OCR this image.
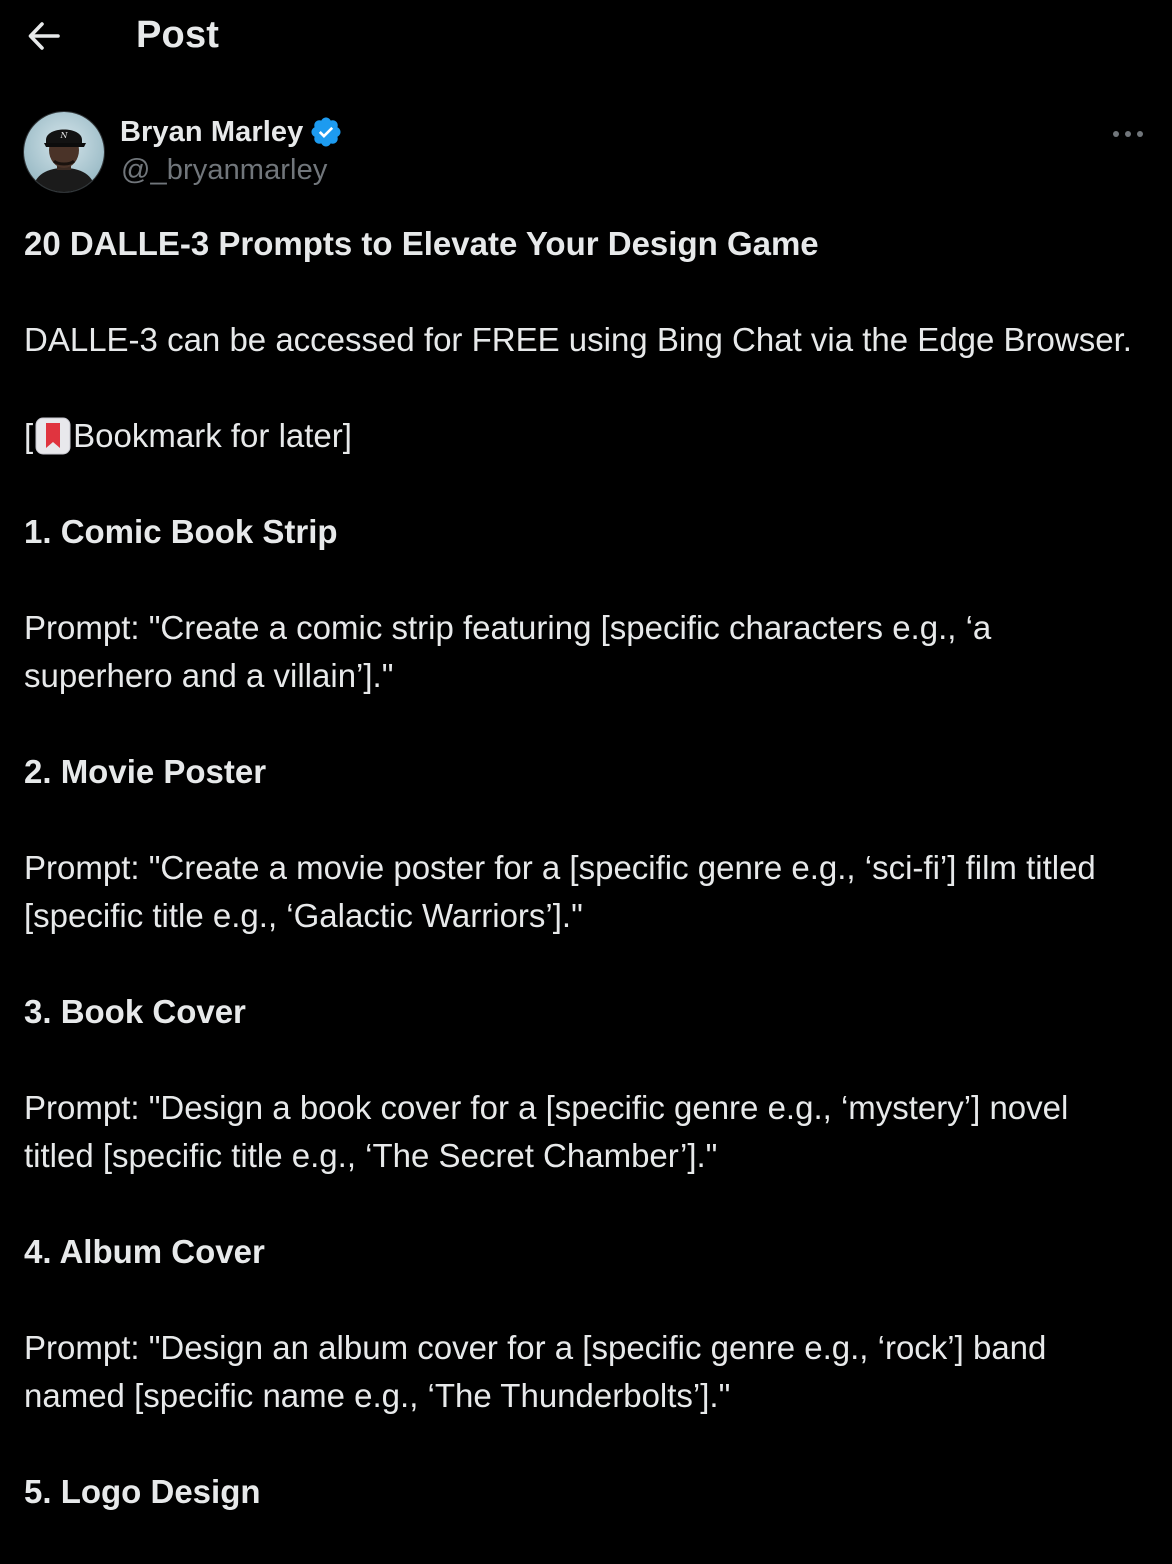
Post
N Bryan Marley
@_bryanmarley

20 DALLE-3 Prompts to Elevate Your Design Game

DALLE-3 can be accessed for FREE using Bing Chat via the Edge Browser.

[ Bookmark for later]

1. Comic Book Strip

Prompt: "Create a comic strip featuring [specific characters e.g., ‘a superhero and a villain’]."

2. Movie Poster

Prompt: "Create a movie poster for a [specific genre e.g., ‘sci-fi’] film titled [specific title e.g., ‘Galactic Warriors’]."

3. Book Cover

Prompt: "Design a book cover for a [specific genre e.g., ‘mystery’] novel titled [specific title e.g., ‘The Secret Chamber’]."

4. Album Cover

Prompt: "Design an album cover for a [specific genre e.g., ‘rock’] band named [specific name e.g., ‘The Thunderbolts’]."

5. Logo Design
